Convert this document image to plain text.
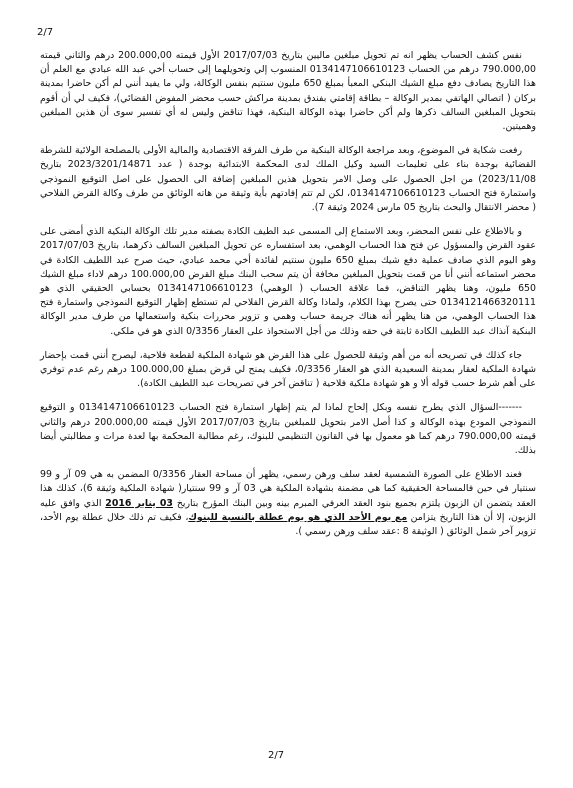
2/7

نفس كشف الحساب يظهر انه تم تحويل مبلغين ماليين بتاريخ 2017/07/03 الأول قيمته 200.000,00 درهم والثاني قيمته 790.000,00 درهم من الحساب 0134147106610123 المنسوب إلي وتحويلهما إلى حساب أخي عبد الله عبادي مع العلم أن هذا التاريخ يصادف دفع مبلغ الشيك البنكي المعبأ بمبلغ 650 مليون سنتيم بنفس الوكالة، ولي ما يفيد أنني لم أكن حاضرا بمدينة بركان ( اتصالي الهاتفي بمدير الوكالة – بطاقة إقامتي بفندق بمدينة مراكش حسب محضر المفوض القضائي)، فكيف لي أن أقوم بتحويل المبلغين السالف ذكرها ولم أكن حاضرا بهذه الوكالة البنكية، فهذا تناقض وليس له أي تفسير سوى أن هذين المبلغين وهميتين.

رفعت شكاية في الموضوع، وبعد مراجعة الوكالة البنكية من طرف الفرقة الاقتصادية والمالية الأولى بالمصلحة الولائية للشرطة القضائية بوجدة بناء على تعليمات السيد وكيل الملك لدى المحكمة الابتدائية بوجدة ( عدد 2023/3201/14871 بتاريخ 2023/11/08) من اجل الحصول على وصل الامر بتحويل هذين المبلغين إضافة الى الحصول على اصل التوقيع النموذجي واستمارة فتح الحساب 0134147106610123، لكن لم تتم إفادتهم بأية وثيقة من هاته الوثائق من طرف وكالة القرض الفلاحي ( محضر الانتقال والبحث بتاريخ 05 مارس 2024 وثيقة 7).

و بالاطلاع على نفس المحضر، وبعد الاستماع إلى المسمى عبد الطيف الكادة بصفته مدير تلك الوكالة البنكية الذي أمضى على عقود القرض والمسؤول عن فتح هذا الحساب الوهمي، بعد استفساره عن تحويل المبلغين السالف ذكرهما، بتاريخ 2017/07/03 وهو اليوم الذي صادف عملية دفع شيك بمبلغ 650 مليون سنتيم لفائدة أخي محمد عبادي، حيث صرح عبد اللطيف الكادة في محضر استماعه أنني أنا من قمت بتحويل المبلغين مخافة أن يتم سحب البنك مبلغ القرض 100.000,00 درهم لاداء مبلغ الشيك 650 مليون، وهنا يظهر التناقض، فما علاقة الحساب ( الوهمي) 0134147106610123 بحسابي الحقيقي الذي هو 0134121466320111 حتى يصرح بهذا الكلام، ولماذا وكالة القرض الفلاحي لم تستطع إظهار التوقيع النموذجي واستمارة فتح هذا الحساب الوهمي، من هنا يظهر أنه هناك جريمة حساب وهمي و تزوير محررات بنكية واستعمالها من طرف مدير الوكالة البنكية آنذاك عبد اللطيف الكادة ثابتة في حقه وذلك من أجل الاستحواذ على العقار 0/3356 الذي هو في ملكي.

جاء كذلك في تصريحه أنه من أهم وثيقة للحصول على هذا القرض هو شهادة الملكية لقطعة فلاحية، ليصرح أنني قمت بإحضار شهادة الملكية لعقار بمدينة السعيدية الذي هو العقار 0/3356، فكيف يمنح لي قرض بمبلغ 100.000,00 درهم رغم عدم توفري على أهم شرط حسب قوله ألا و هو شهادة ملكية فلاحية ( تناقض آخر في تصريحات عبد اللطيف الكادة).

-------السؤال الذي يطرح نفسه وبكل إلحاح لماذا لم يتم إظهار استمارة فتح الحساب 0134147106610123 و التوقيع النموذجي المودع بهذه الوكالة و كذا أصل الامر بتحويل للمبلغين بتاريخ 2017/07/03 الأول قيمته 200.000,00 درهم والثاني قيمته 790.000,00 درهم كما هو معمول بها في القانون التنظيمي للبنوك، رغم مطالبة المحكمة بها لعدة مرات و مطالبتي أيضا بذلك.

فعند الاطلاع على الصورة الشمسية لعقد سلف ورهن رسمي، يظهر أن مساحة العقار 0/3356 المضمن به هي 09 آر و 99 سنتيار في حين فالمساحة الحقيقية كما هي مضمنة بشهادة الملكية هي 03 آر و 99 سنتيار( شهادة الملكية وثيقة 6)، كذلك هذا العقد يتضمن ان الزبون يلتزم بجميع بنود العقد العرفي المبرم بينه وبين البنك المؤرخ بتاريخ 03 يناير 2016 الذي وافق عليه الزبون، إلا أن هذا التاريخ يتزامن مع يوم الأحد الذي هو يوم عطلة بالنسبة للبنوك، فكيف تم ذلك خلال عطلة يوم الأحد، تزوير آخر شمل الوثائق ( الوثيقة 8 :عقد سلف ورهن رسمي ).

2/7
